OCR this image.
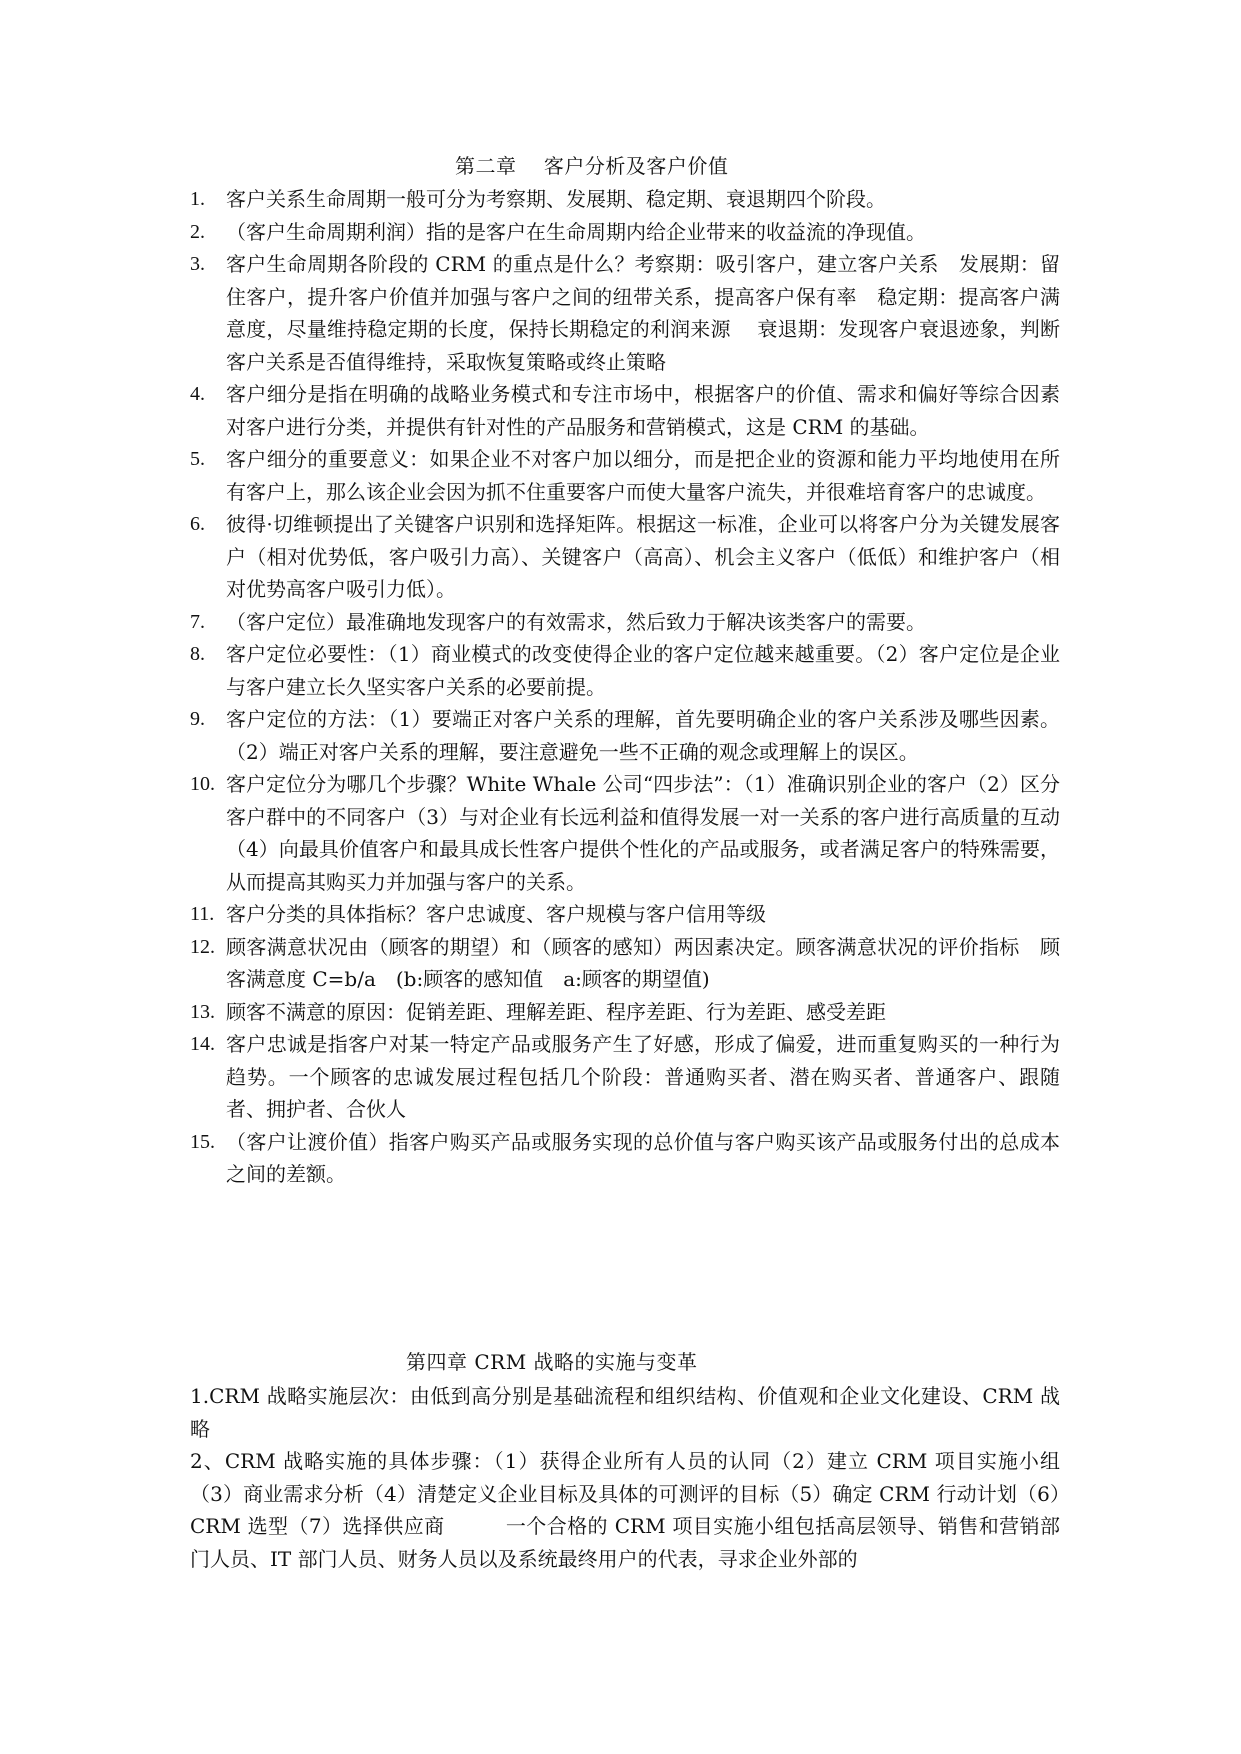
第二章　 客户分析及客户价值
1. 客户关系生命周期一般可分为考察期、发展期、稳定期、衰退期四个阶段。
2. （客户生命周期利润）指的是客户在生命周期内给企业带来的收益流的净现值。
3. 客户生命周期各阶段的 CRM 的重点是什么？考察期：吸引客户，建立客户关系　发展期：留住客户，提升客户价值并加强与客户之间的纽带关系，提高客户保有率　稳定期：提高客户满意度，尽量维持稳定期的长度，保持长期稳定的利润来源　 衰退期：发现客户衰退迹象，判断客户关系是否值得维持，采取恢复策略或终止策略
4. 客户细分是指在明确的战略业务模式和专注市场中，根据客户的价值、需求和偏好等综合因素对客户进行分类，并提供有针对性的产品服务和营销模式，这是 CRM 的基础。
5. 客户细分的重要意义：如果企业不对客户加以细分，而是把企业的资源和能力平均地使用在所有客户上，那么该企业会因为抓不住重要客户而使大量客户流失，并很难培育客户的忠诚度。
6. 彼得·切维顿提出了关键客户识别和选择矩阵。根据这一标准，企业可以将客户分为关键发展客户（相对优势低，客户吸引力高）、关键客户（高高）、机会主义客户（低低）和维护客户（相对优势高客户吸引力低）。
7. （客户定位）最准确地发现客户的有效需求，然后致力于解决该类客户的需要。
8. 客户定位必要性：（1）商业模式的改变使得企业的客户定位越来越重要。（2）客户定位是企业与客户建立长久坚实客户关系的必要前提。
9. 客户定位的方法：（1）要端正对客户关系的理解，首先要明确企业的客户关系涉及哪些因素。（2）端正对客户关系的理解，要注意避免一些不正确的观念或理解上的误区。
10. 客户定位分为哪几个步骤？White Whale 公司“四步法”：（1）准确识别企业的客户（2）区分客户群中的不同客户（3）与对企业有长远利益和值得发展一对一关系的客户进行高质量的互动（4）向最具价值客户和最具成长性客户提供个性化的产品或服务，或者满足客户的特殊需要，从而提高其购买力并加强与客户的关系。
11. 客户分类的具体指标？客户忠诚度、客户规模与客户信用等级
12. 顾客满意状况由（顾客的期望）和（顾客的感知）两因素决定。顾客满意状况的评价指标　顾客满意度 C=b/a　(b:顾客的感知值　a:顾客的期望值)
13. 顾客不满意的原因：促销差距、理解差距、程序差距、行为差距、感受差距
14. 客户忠诚是指客户对某一特定产品或服务产生了好感，形成了偏爱，进而重复购买的一种行为趋势。一个顾客的忠诚发展过程包括几个阶段：普通购买者、潜在购买者、普通客户、跟随者、拥护者、合伙人
15. （客户让渡价值）指客户购买产品或服务实现的总价值与客户购买该产品或服务付出的总成本之间的差额。
第四章 CRM 战略的实施与变革

1.CRM 战略实施层次：由低到高分别是基础流程和组织结构、价值观和企业文化建设、CRM 战略

2、CRM 战略实施的具体步骤：（1）获得企业所有人员的认同（2）建立 CRM 项目实施小组　（3）商业需求分析（4）清楚定义企业目标及具体的可测评的目标（5）确定 CRM 行动计划（6）CRM 选型（7）选择供应商　　　一个合格的 CRM 项目实施小组包括高层领导、销售和营销部门人员、IT 部门人员、财务人员以及系统最终用户的代表，寻求企业外部的
